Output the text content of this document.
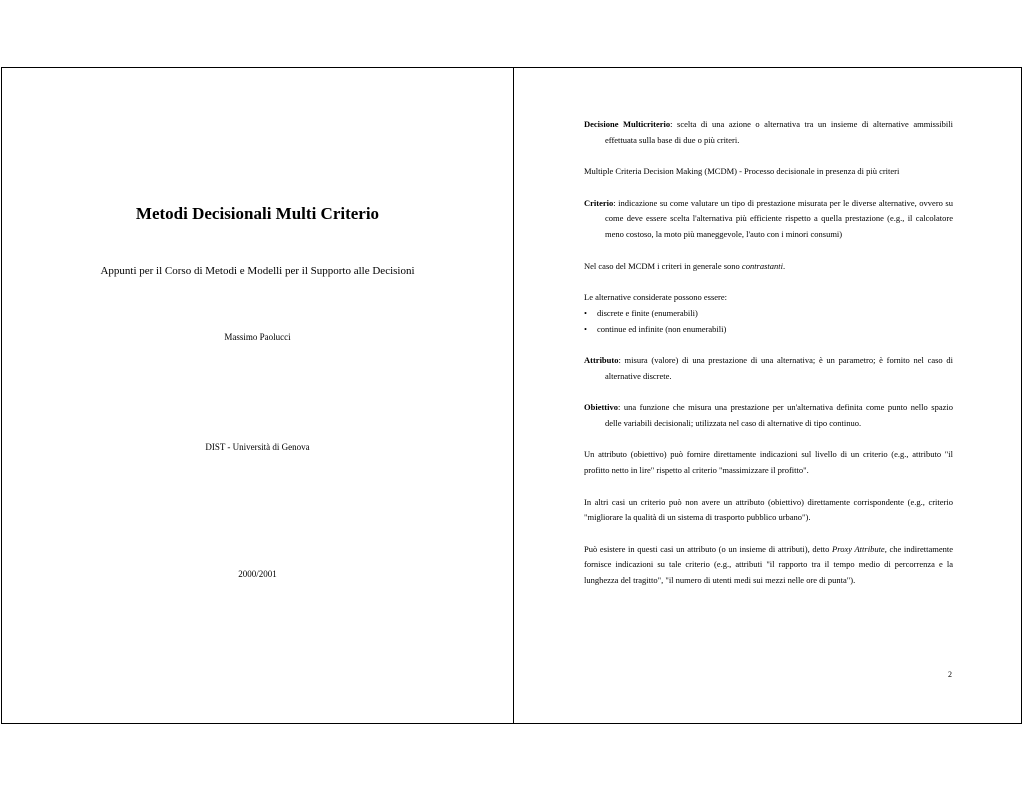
Metodi Decisionali Multi Criterio
Appunti per il Corso di Metodi e Modelli per il Supporto alle Decisioni
Massimo Paolucci
DIST - Università di Genova
2000/2001

Decisione Multicriterio: scelta di una azione o alternativa tra un insieme di alternative ammissibili effettuata sulla base di due o più criteri.

Multiple Criteria Decision Making (MCDM) - Processo decisionale in presenza di più criteri

Criterio: indicazione su come valutare un tipo di prestazione misurata per le diverse alternative, ovvero su come deve essere scelta l'alternativa più efficiente rispetto a quella prestazione (e.g., il calcolatore meno costoso, la moto più maneggevole, l'auto con i minori consumi)

Nel caso del MCDM i criteri in generale sono contrastanti.

Le alternative considerate possono essere:

• discrete e finite (enumerabili)
• continue ed infinite (non enumerabili)

Attributo: misura (valore) di una prestazione di una alternativa; è un parametro; è fornito nel caso di alternative discrete.

Obiettivo: una funzione che misura una prestazione per un'alternativa definita come punto nello spazio delle variabili decisionali; utilizzata nel caso di alternative di tipo continuo.

Un attributo (obiettivo) può fornire direttamente indicazioni sul livello di un criterio (e.g., attributo "il profitto netto in lire" rispetto al criterio "massimizzare il profitto".

In altri casi un criterio può non avere un attributo (obiettivo) direttamente corrispondente (e.g., criterio "migliorare la qualità di un sistema di trasporto pubblico urbano").

Può esistere in questi casi un attributo (o un insieme di attributi), detto Proxy Attribute, che indirettamente fornisce indicazioni su tale criterio (e.g., attributi "il rapporto tra il tempo medio di percorrenza e la lunghezza del tragitto", "il numero di utenti medi sui mezzi nelle ore di punta").

2
